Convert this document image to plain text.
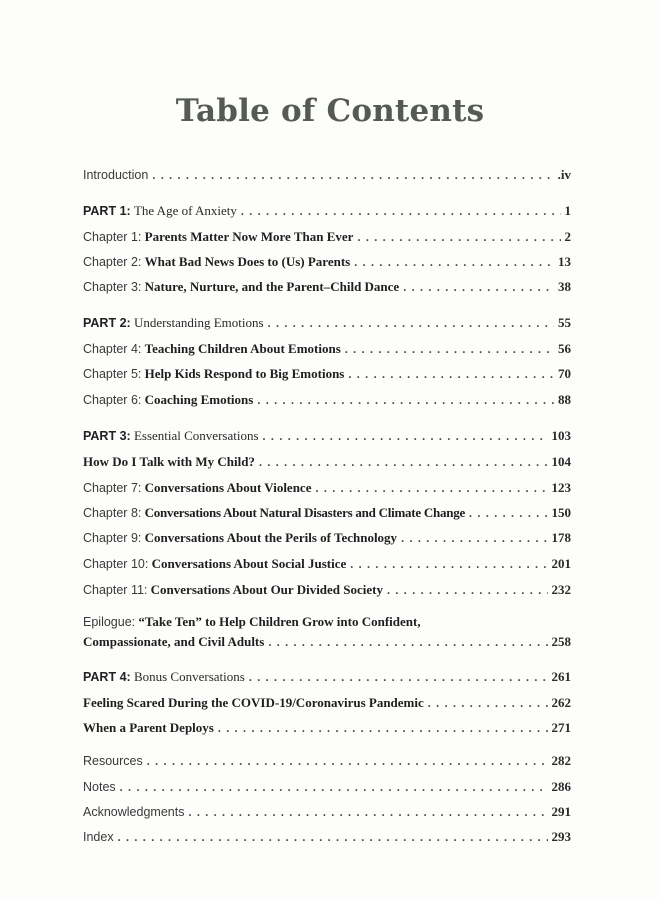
Table of Contents
Introduction . . .	.iv
PART 1: The Age of Anxiety . . .	1
Chapter 1: Parents Matter Now More Than Ever . . .	2
Chapter 2: What Bad News Does to (Us) Parents . . .	13
Chapter 3: Nature, Nurture, and the Parent–Child Dance . . .	38
PART 2: Understanding Emotions . . .	55
Chapter 4: Teaching Children About Emotions . . .	56
Chapter 5: Help Kids Respond to Big Emotions . . .	70
Chapter 6: Coaching Emotions . . .	88
PART 3: Essential Conversations . . .	103
How Do I Talk with My Child? . . .	104
Chapter 7: Conversations About Violence . . .	123
Chapter 8: Conversations About Natural Disasters and Climate Change . . .	150
Chapter 9: Conversations About the Perils of Technology . . .	178
Chapter 10: Conversations About Social Justice . . .	201
Chapter 11: Conversations About Our Divided Society . . .	232
Epilogue: “Take Ten” to Help Children Grow into Confident,
Compassionate, and Civil Adults . . .	258
PART 4: Bonus Conversations . . .	261
Feeling Scared During the COVID-19/Coronavirus Pandemic . . .	262
When a Parent Deploys . . .	271
Resources . . .	282
Notes . . .	286
Acknowledgments . . .	291
Index . . .	293
